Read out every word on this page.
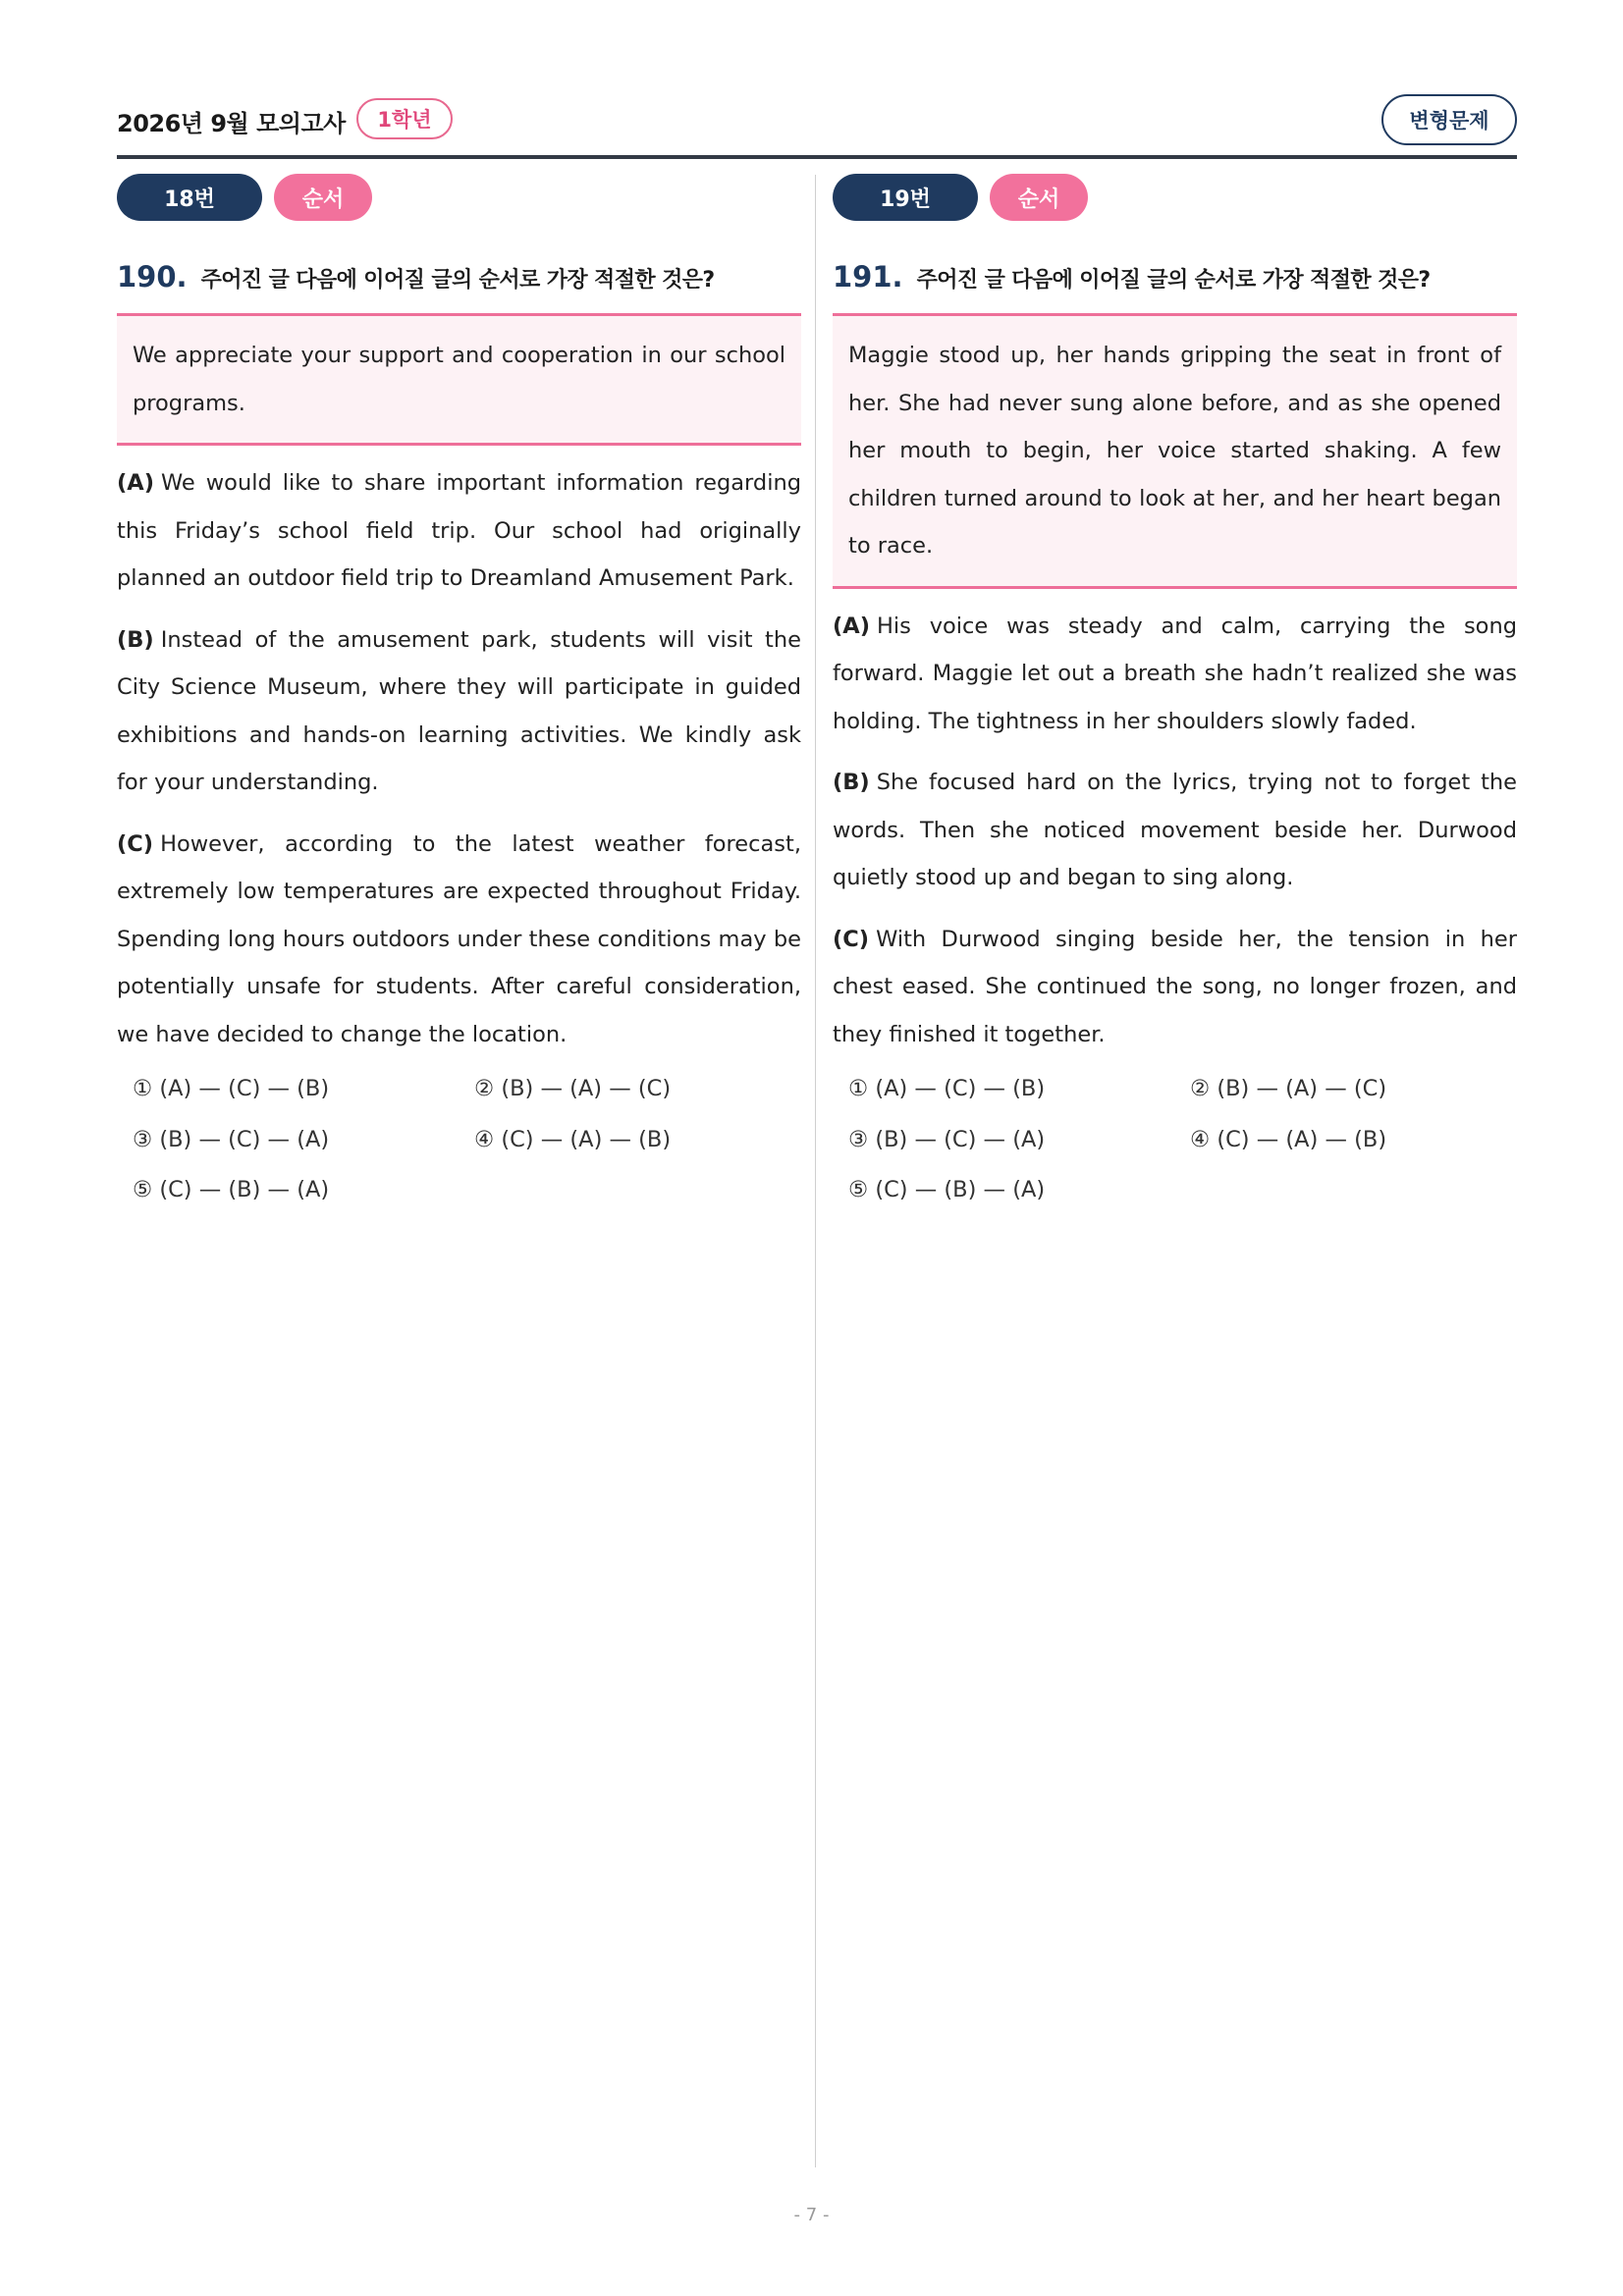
2026년 9월 모의고사	1학년	변형문제
18번	순서
190. 주어진 글 다음에 이어질 글의 순서로 가장 적절한 것은?
We appreciate your support and cooperation in our school programs.
(A) We would like to share important information regarding this Friday’s school field trip. Our school had originally planned an outdoor field trip to Dreamland Amusement Park.
(B) Instead of the amusement park, students will visit the City Science Museum, where they will participate in guided exhibitions and hands-on learning activities. We kindly ask for your understanding.
(C) However, according to the latest weather forecast, extremely low temperatures are expected throughout Friday. Spending long hours outdoors under these conditions may be potentially unsafe for students. After careful consideration, we have decided to change the location.
① (A) — (C) — (B)	② (B) — (A) — (C)
③ (B) — (C) — (A)	④ (C) — (A) — (B)
⑤ (C) — (B) — (A)
19번	순서
191. 주어진 글 다음에 이어질 글의 순서로 가장 적절한 것은?
Maggie stood up, her hands gripping the seat in front of her. She had never sung alone before, and as she opened her mouth to begin, her voice started shaking. A few children turned around to look at her, and her heart began to race.
(A) His voice was steady and calm, carrying the song forward. Maggie let out a breath she hadn’t realized she was holding. The tightness in her shoulders slowly faded.
(B) She focused hard on the lyrics, trying not to forget the words. Then she noticed movement beside her. Durwood quietly stood up and began to sing along.
(C) With Durwood singing beside her, the tension in her chest eased. She continued the song, no longer frozen, and they finished it together.
① (A) — (C) — (B)	② (B) — (A) — (C)
③ (B) — (C) — (A)	④ (C) — (A) — (B)
⑤ (C) — (B) — (A)
- 7 -
